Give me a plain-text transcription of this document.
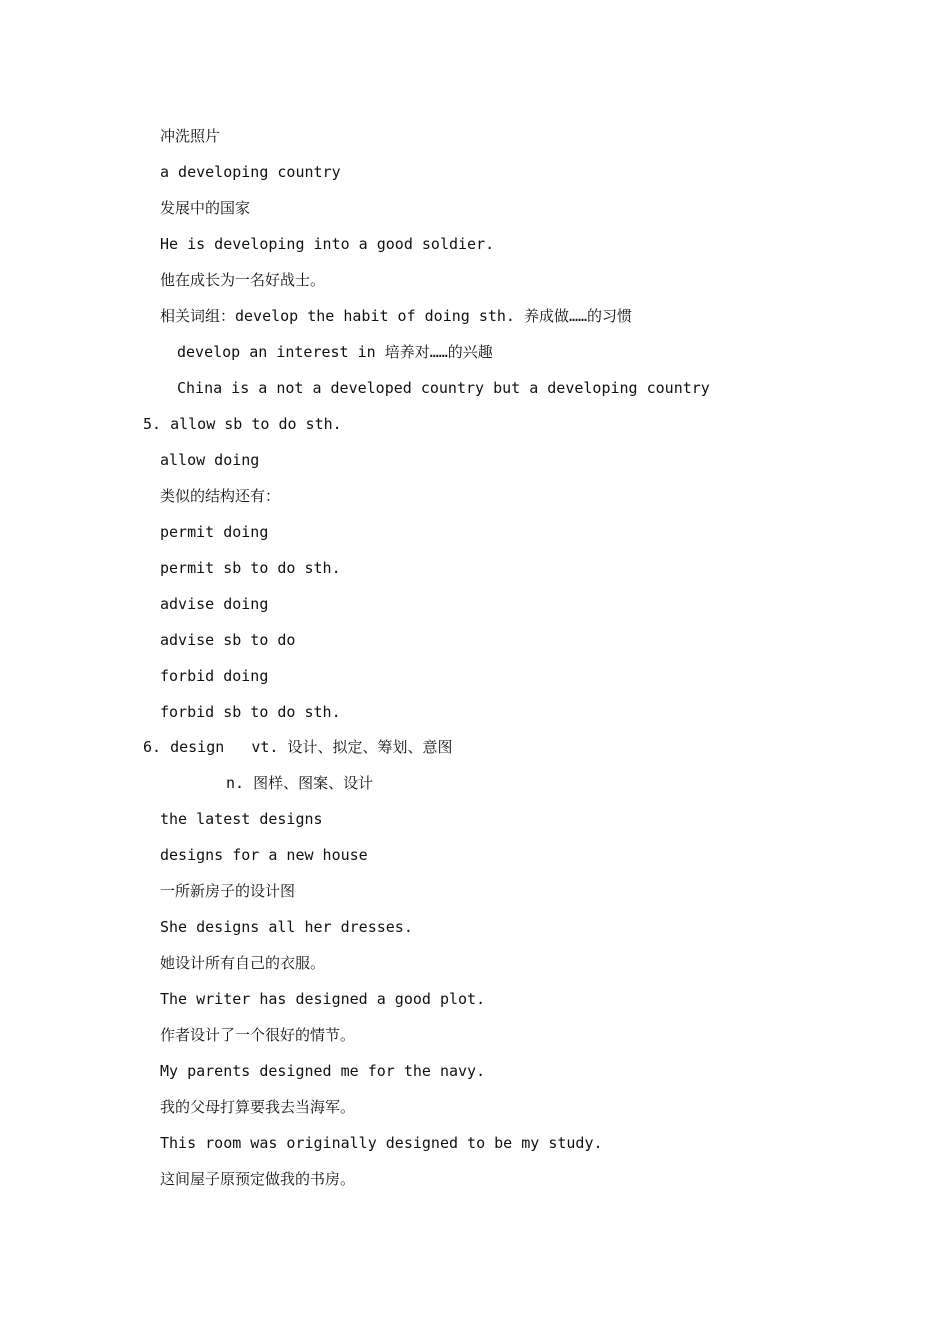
冲洗照片
a developing country
发展中的国家
He is developing into a good soldier.
他在成长为一名好战士。
相关词组：develop the habit of doing sth. 养成做……的习惯
develop an interest in 培养对……的兴趣
China is a not a developed country but a developing country
5. allow sb to do sth.
allow doing
类似的结构还有：
permit doing
permit sb to do sth.
advise doing
advise sb to do
forbid doing
forbid sb to do sth.
6. design   vt. 设计、拟定、筹划、意图
n. 图样、图案、设计
the latest designs
designs for a new house
一所新房子的设计图
She designs all her dresses.
她设计所有自己的衣服。
The writer has designed a good plot.
作者设计了一个很好的情节。
My parents designed me for the navy.
我的父母打算要我去当海军。
This room was originally designed to be my study.
这间屋子原预定做我的书房。
